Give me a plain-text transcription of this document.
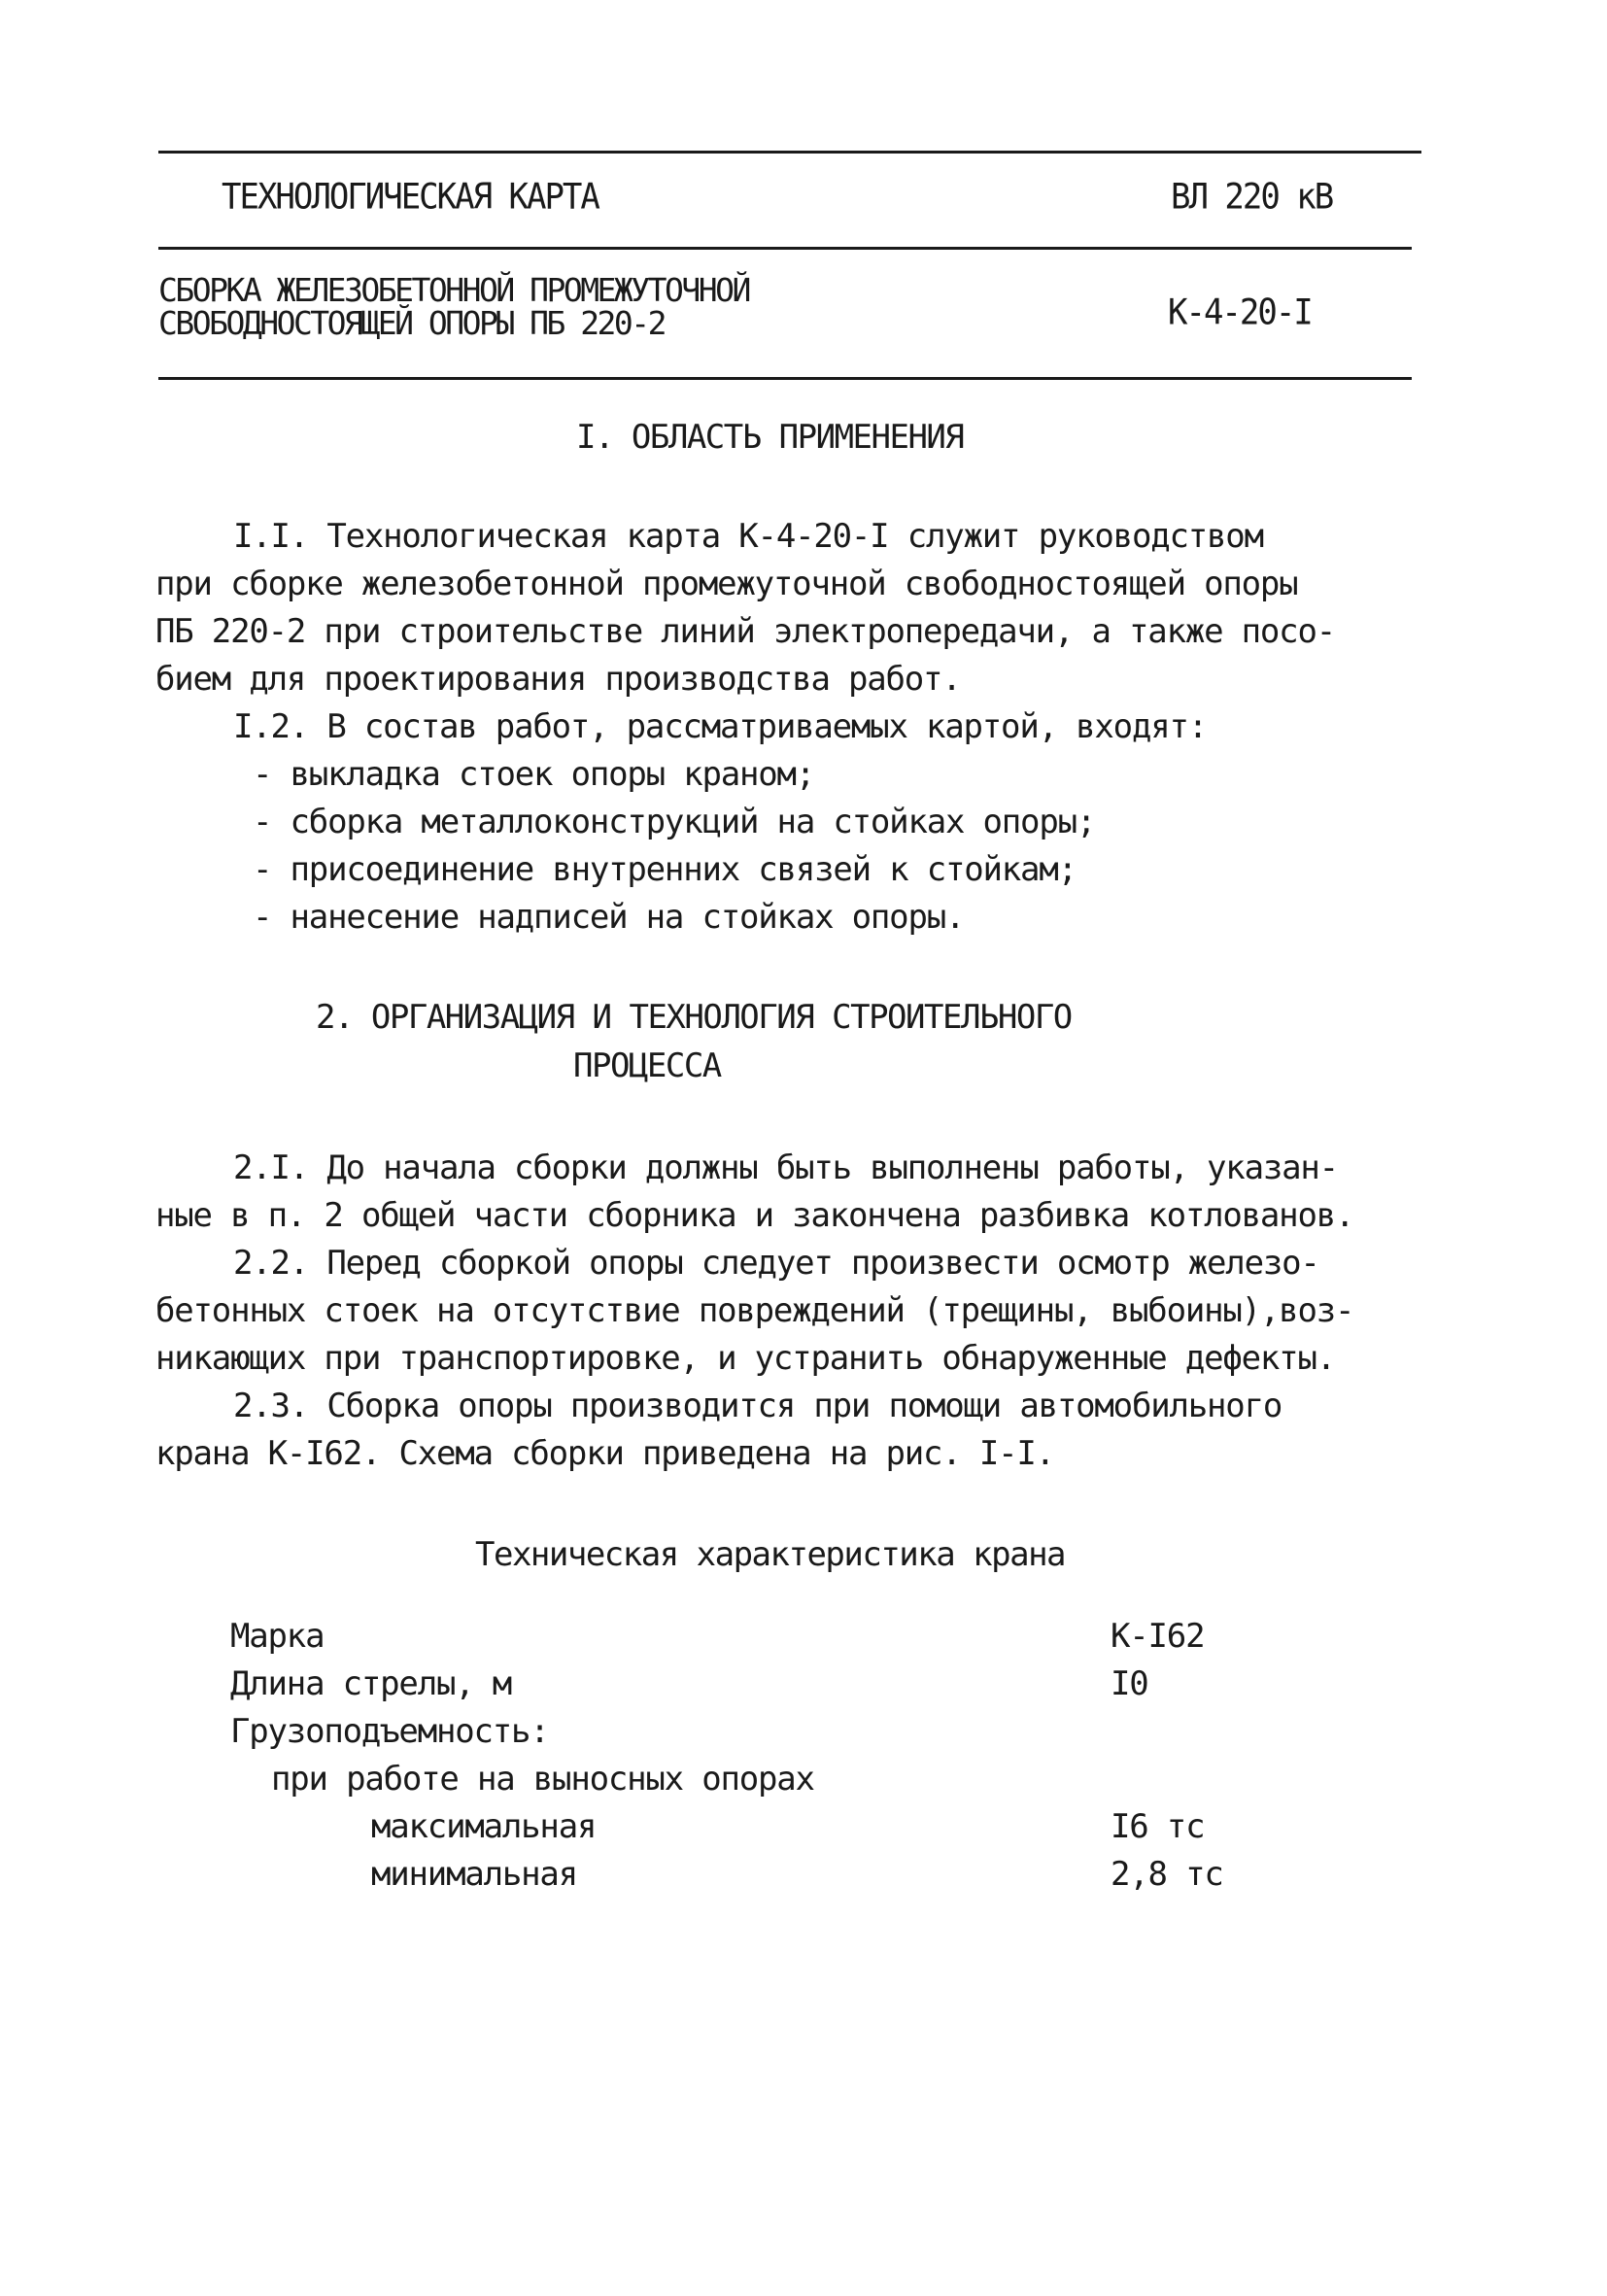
ТЕХНОЛОГИЧЕСКАЯ КАРТА	ВЛ 220 кВ
СБОРКА ЖЕЛЕЗОБЕТОННОЙ ПРОМЕЖУТОЧНОЙ
СВОБОДНОСТОЯЩЕЙ ОПОРЫ ПБ 220-2	К-4-20-I
I. ОБЛАСТЬ ПРИМЕНЕНИЯ
I.I. Технологическая карта К-4-20-I служит руководством
при сборке железобетонной промежуточной свободностоящей опоры
ПБ 220-2 при строительстве линий электропередачи, а также посо-
бием для проектирования производства работ.
I.2. В состав работ, рассматриваемых картой, входят:
- выкладка стоек опоры краном;
- сборка металлоконструкций на стойках опоры;
- присоединение внутренних связей к стойкам;
- нанесение надписей на стойках опоры.
2. ОРГАНИЗАЦИЯ И ТЕХНОЛОГИЯ СТРОИТЕЛЬНОГО
ПРОЦЕССА
2.I. До начала сборки должны быть выполнены работы, указан-
ные в п. 2 общей части сборника и закончена разбивка котлованов.
2.2. Перед сборкой опоры следует произвести осмотр железо-
бетонных стоек на отсутствие повреждений (трещины, выбоины),воз-
никающих при транспортировке, и устранить обнаруженные дефекты.
2.3. Сборка опоры производится при помощи автомобильного
крана К-I62. Схема сборки приведена на рис. I-I.
Техническая характеристика крана
Марка	К-I62
Длина стрелы, м	I0
Грузоподъемность:
при работе на выносных опорах
максимальная	I6 тс
минимальная	2,8 тс
